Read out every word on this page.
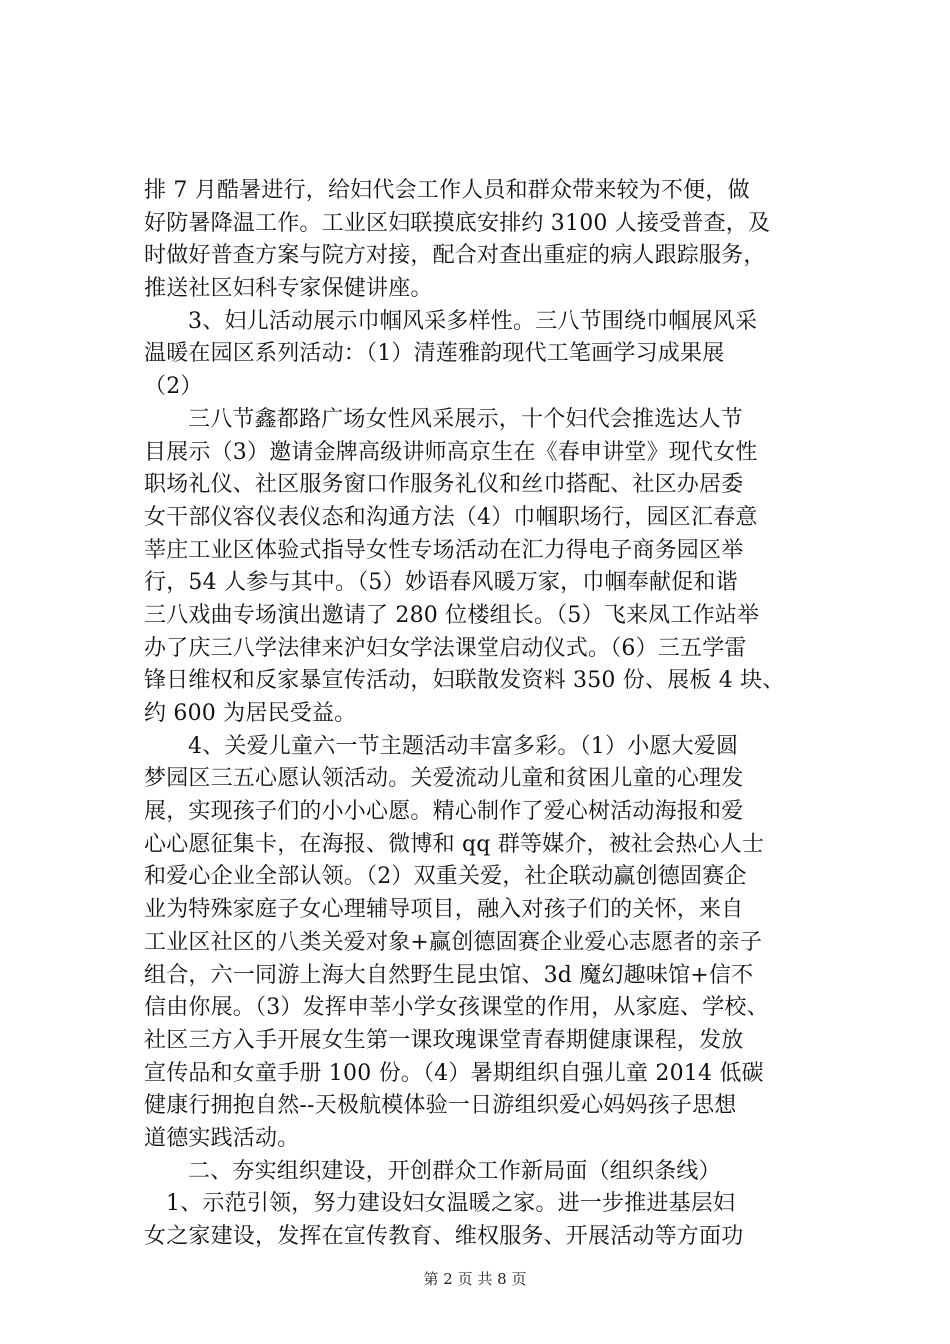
排 7 月酷暑进行，给妇代会工作人员和群众带来较为不便，做
好防暑降温工作。工业区妇联摸底安排约 3100 人接受普查，及
时做好普查方案与院方对接，配合对查出重症的病人跟踪服务，
推送社区妇科专家保健讲座。
3、妇儿活动展示巾帼风采多样性。三八节围绕巾帼展风采
温暖在园区系列活动：（1）清莲雅韵现代工笔画学习成果展
（2）
三八节鑫都路广场女性风采展示，十个妇代会推选达人节
目展示（3）邀请金牌高级讲师高京生在《春申讲堂》现代女性
职场礼仪、社区服务窗口作服务礼仪和丝巾搭配、社区办居委
女干部仪容仪表仪态和沟通方法（4）巾帼职场行，园区汇春意
莘庄工业区体验式指导女性专场活动在汇力得电子商务园区举
行，54 人参与其中。（5）妙语春风暖万家，巾帼奉献促和谐
三八戏曲专场演出邀请了 280 位楼组长。（5）飞来凤工作站举
办了庆三八学法律来沪妇女学法课堂启动仪式。（6）三五学雷
锋日维权和反家暴宣传活动，妇联散发资料 350 份、展板 4 块、
约 600 为居民受益。
4、关爱儿童六一节主题活动丰富多彩。（1）小愿大爱圆
梦园区三五心愿认领活动。关爱流动儿童和贫困儿童的心理发
展，实现孩子们的小小心愿。精心制作了爱心树活动海报和爱
心心愿征集卡，在海报、微博和 qq 群等媒介，被社会热心人士
和爱心企业全部认领。（2）双重关爱，社企联动赢创德固赛企
业为特殊家庭子女心理辅导项目，融入对孩子们的关怀，来自
工业区社区的八类关爱对象+赢创德固赛企业爱心志愿者的亲子
组合，六一同游上海大自然野生昆虫馆、3d 魔幻趣味馆+信不
信由你展。（3）发挥申莘小学女孩课堂的作用，从家庭、学校、
社区三方入手开展女生第一课玫瑰课堂青春期健康课程，发放
宣传品和女童手册 100 份。（4）暑期组织自强儿童 2014 低碳
健康行拥抱自然--天极航模体验一日游组织爱心妈妈孩子思想
道德实践活动。
二、夯实组织建设，开创群众工作新局面（组织条线）
1、示范引领，努力建设妇女温暖之家。进一步推进基层妇
女之家建设，发挥在宣传教育、维权服务、开展活动等方面功
第 2 页 共 8 页
